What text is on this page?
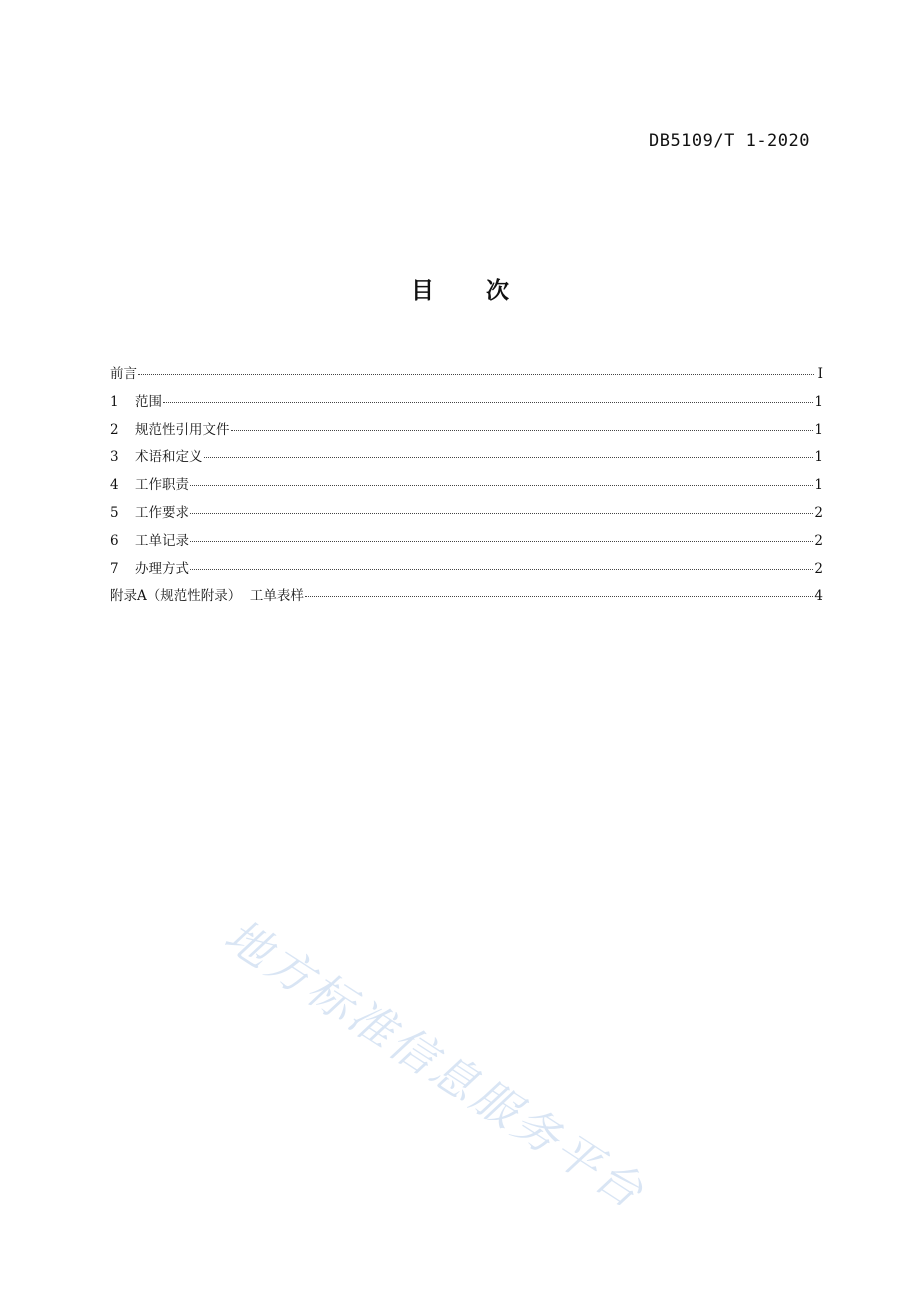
DB5109/T 1-2020
目 次
前言	I
1	范围	1
2	规范性引用文件	1
3	术语和定义	1
4	工作职责	1
5	工作要求	2
6	工单记录	2
7	办理方式	2
附录A（规范性附录）  工单表样	4
地方标准信息服务平台
